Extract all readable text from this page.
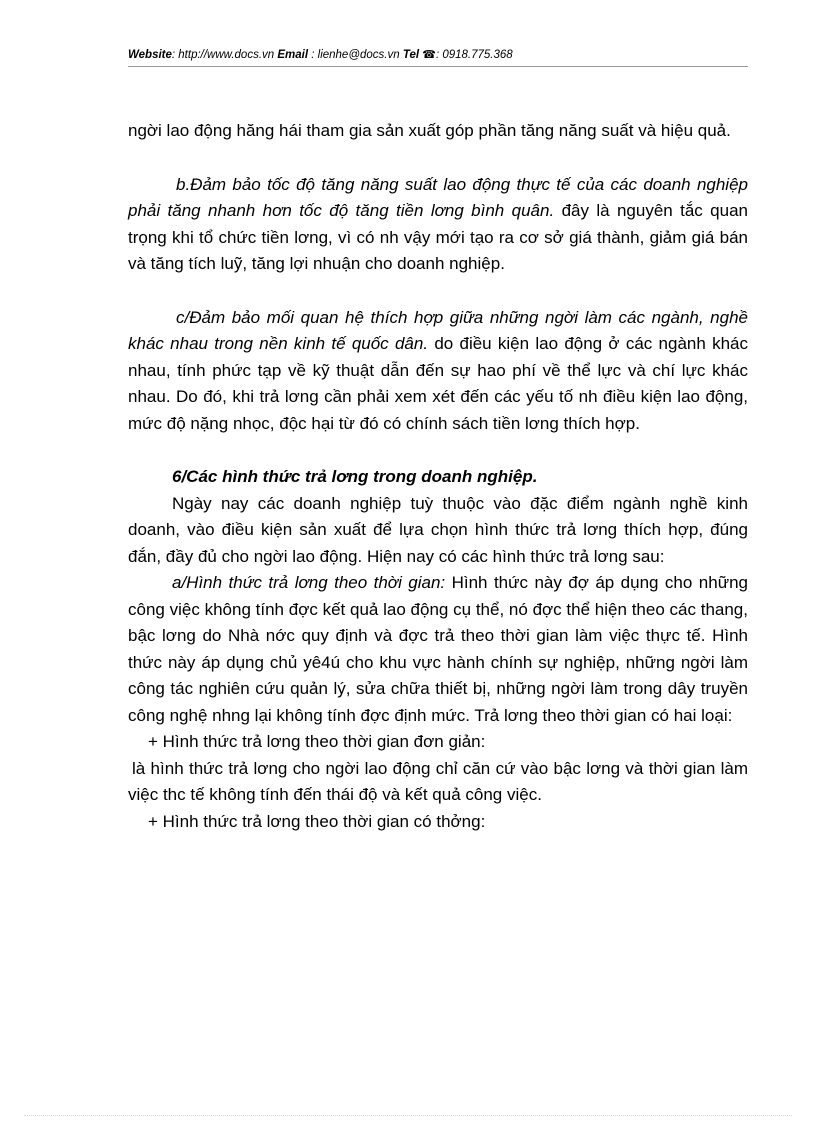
Website: http://www.docs.vn Email : lienhe@docs.vn Tel ☎: 0918.775.368

ngời lao động hăng hái tham gia sản xuất góp phần tăng năng suất và hiệu quả.

b.Đảm bảo tốc độ tăng năng suất lao động thực tế của các doanh nghiệp phải tăng nhanh hơn tốc độ tăng tiền lơng bình quân. đây là nguyên tắc quan trọng khi tổ chức tiền lơng, vì có nh vậy mới tạo ra cơ sở giá thành, giảm giá bán và tăng tích luỹ, tăng lợi nhuận cho doanh nghiệp.

c/Đảm bảo mối quan hệ thích hợp giữa những ngời làm các ngành, nghề khác nhau trong nền kinh tế quốc dân. do điều kiện lao động ở các ngành khác nhau, tính phức tạp về kỹ thuật dẫn đến sự hao phí về thể lực và chí lực khác nhau. Do đó, khi trả lơng cần phải xem xét đến các yếu tố nh điều kiện lao động, mức độ nặng nhọc, độc hại từ đó có chính sách tiền lơng thích hợp.

6/Các hình thức trả lơng trong doanh nghiệp.

Ngày nay các doanh nghiệp tuỳ thuộc vào đặc điểm ngành nghề kinh doanh, vào điều kiện sản xuất để lựa chọn hình thức trả lơng thích hợp, đúng đắn, đầy đủ cho ngời lao động. Hiện nay có các hình thức trả lơng sau:

a/Hình thức trả lơng theo thời gian: Hình thức này đợ áp dụng cho những công việc không tính đợc kết quả lao động cụ thể, nó đợc thể hiện theo các thang, bậc lơng do Nhà nớc quy định và đợc trả theo thời gian làm việc thực tế. Hình thức này áp dụng chủ yê4ú cho khu vực hành chính sự nghiệp, những ngời làm công tác nghiên cứu quản lý, sửa chữa thiết bị, những ngời làm trong dây truyền công nghệ nhng lại không tính đợc định mức. Trả lơng theo thời gian có hai loại:

+ Hình thức trả lơng theo thời gian đơn giản:

là hình thức trả lơng cho ngời lao động chỉ căn cứ vào bậc lơng và thời gian làm việc thc tế không tính đến thái độ và kết quả công việc.

+ Hình thức trả lơng theo thời gian có thởng:
